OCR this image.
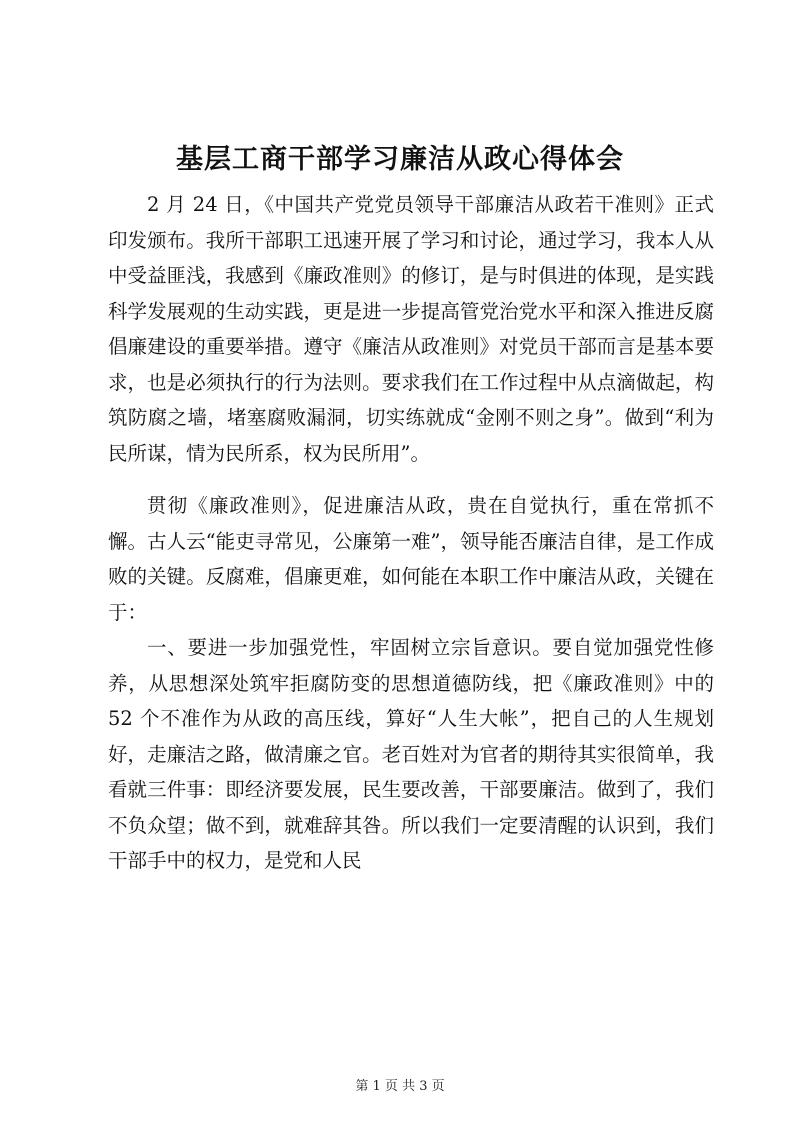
基层工商干部学习廉洁从政心得体会

2 月 24 日，《中国共产党党员领导干部廉洁从政若干准则》正式印发颁布。我所干部职工迅速开展了学习和讨论，通过学习，我本人从中受益匪浅，我感到《廉政准则》的修订，是与时俱进的体现，是实践科学发展观的生动实践，更是进一步提高管党治党水平和深入推进反腐倡廉建设的重要举措。遵守《廉洁从政准则》对党员干部而言是基本要求，也是必须执行的行为法则。要求我们在工作过程中从点滴做起，构筑防腐之墙，堵塞腐败漏洞，切实练就成“金刚不则之身”。做到“利为民所谋，情为民所系，权为民所用”。

贯彻《廉政准则》，促进廉洁从政，贵在自觉执行，重在常抓不懈。古人云“能吏寻常见，公廉第一难”，领导能否廉洁自律，是工作成败的关键。反腐难，倡廉更难，如何能在本职工作中廉洁从政，关键在于：

一、要进一步加强党性，牢固树立宗旨意识。要自觉加强党性修养，从思想深处筑牢拒腐防变的思想道德防线，把《廉政准则》中的 52 个不准作为从政的高压线，算好“人生大帐”，把自己的人生规划好，走廉洁之路，做清廉之官。老百姓对为官者的期待其实很简单，我看就三件事：即经济要发展，民生要改善，干部要廉洁。做到了，我们不负众望；做不到，就难辞其咎。所以我们一定要清醒的认识到，我们干部手中的权力，是党和人民

第 1 页 共 3 页
